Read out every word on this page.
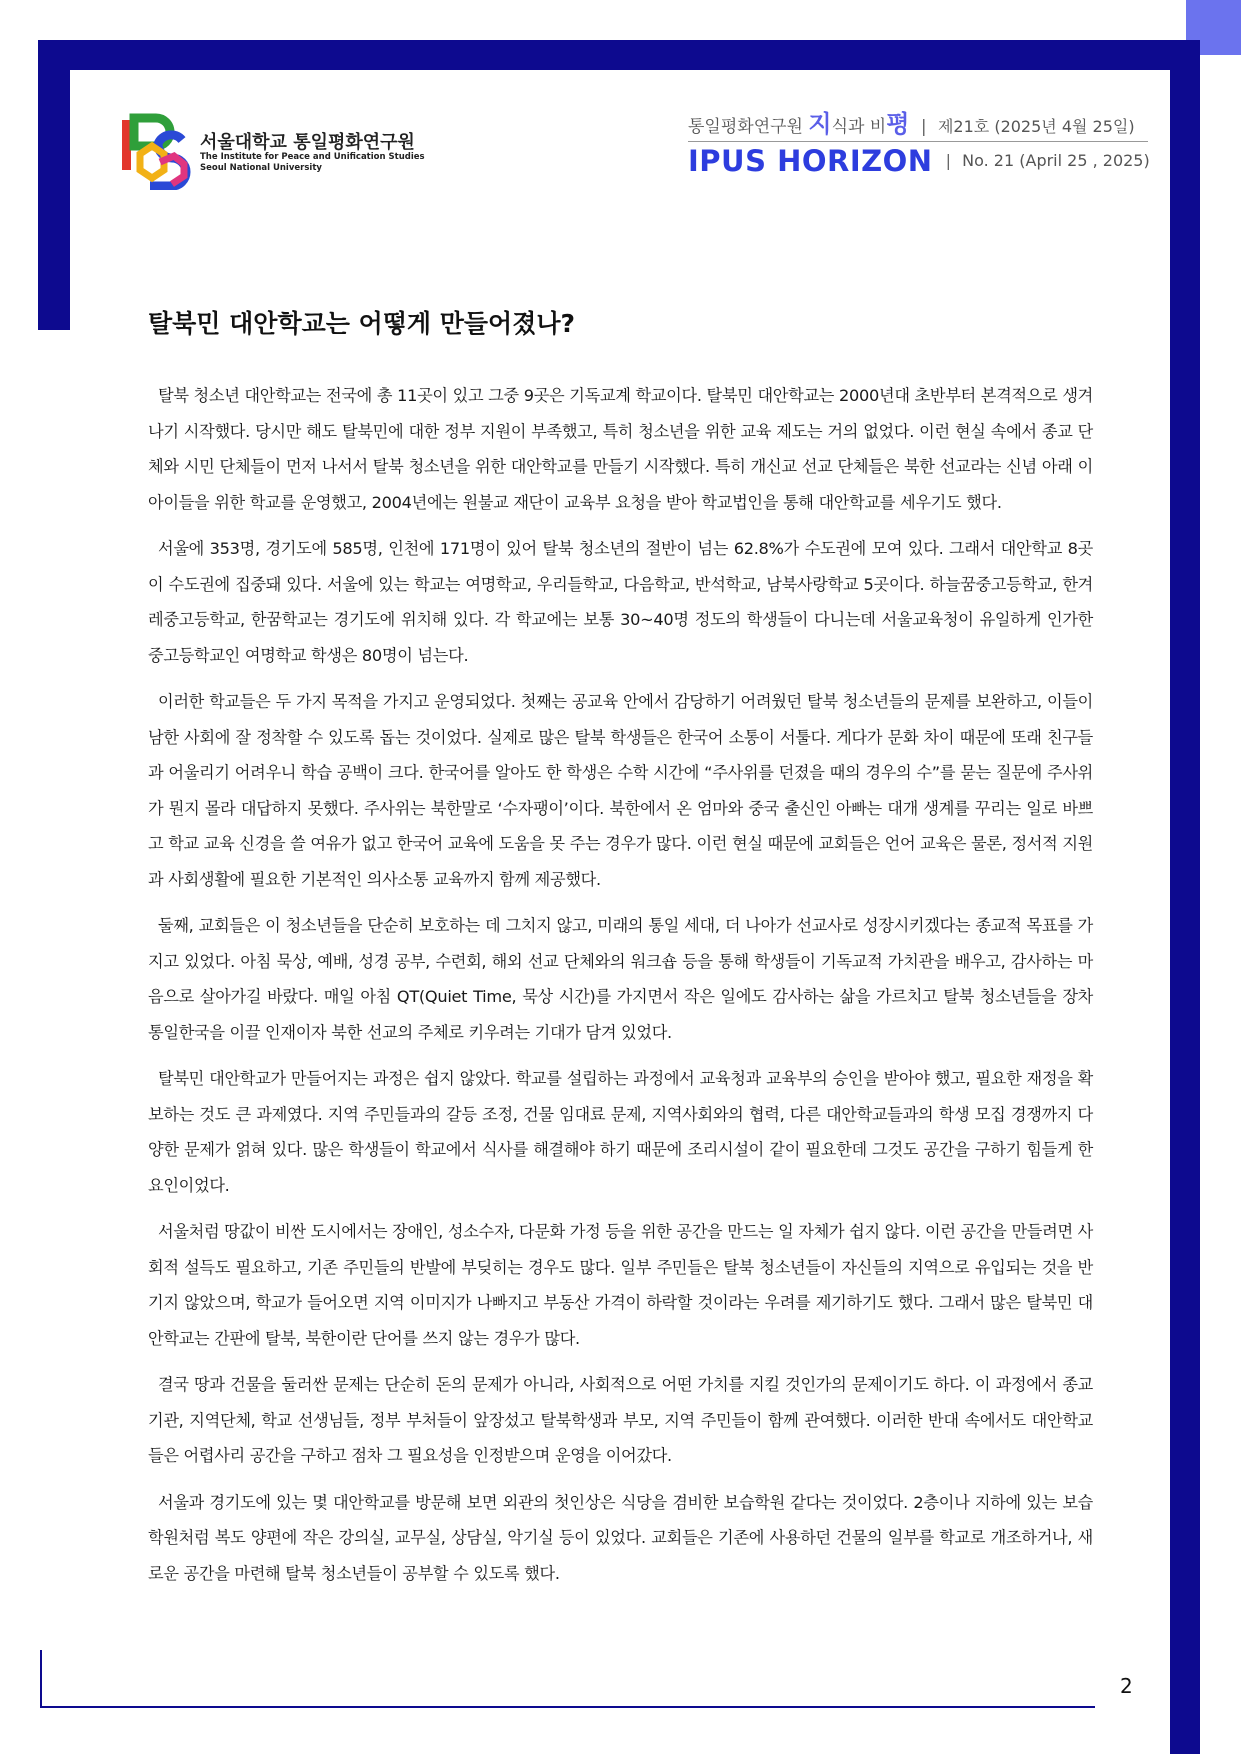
서울대학교 통일평화연구원
The Institute for Peace and Unification Studies
Seoul National University
통일평화연구원 지식과 비평 | 제21호 (2025년 4월 25일)
IPUS HORIZON | No. 21 (April 25 , 2025)
탈북민 대안학교는 어떻게 만들어졌나?

탈북 청소년 대안학교는 전국에 총 11곳이 있고 그중 9곳은 기독교계 학교이다. 탈북민 대안학교는 2000년대 초반부터 본격적으로 생겨나기 시작했다. 당시만 해도 탈북민에 대한 정부 지원이 부족했고, 특히 청소년을 위한 교육 제도는 거의 없었다. 이런 현실 속에서 종교 단체와 시민 단체들이 먼저 나서서 탈북 청소년을 위한 대안학교를 만들기 시작했다. 특히 개신교 선교 단체들은 북한 선교라는 신념 아래 이 아이들을 위한 학교를 운영했고, 2004년에는 원불교 재단이 교육부 요청을 받아 학교법인을 통해 대안학교를 세우기도 했다.

서울에 353명, 경기도에 585명, 인천에 171명이 있어 탈북 청소년의 절반이 넘는 62.8%가 수도권에 모여 있다. 그래서 대안학교 8곳이 수도권에 집중돼 있다. 서울에 있는 학교는 여명학교, 우리들학교, 다음학교, 반석학교, 남북사랑학교 5곳이다. 하늘꿈중고등학교, 한겨레중고등학교, 한꿈학교는 경기도에 위치해 있다. 각 학교에는 보통 30~40명 정도의 학생들이 다니는데 서울교육청이 유일하게 인가한 중고등학교인 여명학교 학생은 80명이 넘는다.

이러한 학교들은 두 가지 목적을 가지고 운영되었다. 첫째는 공교육 안에서 감당하기 어려웠던 탈북 청소년들의 문제를 보완하고, 이들이 남한 사회에 잘 정착할 수 있도록 돕는 것이었다. 실제로 많은 탈북 학생들은 한국어 소통이 서툴다. 게다가 문화 차이 때문에 또래 친구들과 어울리기 어려우니 학습 공백이 크다. 한국어를 알아도 한 학생은 수학 시간에 “주사위를 던졌을 때의 경우의 수”를 묻는 질문에 주사위가 뭔지 몰라 대답하지 못했다. 주사위는 북한말로 ‘수자팽이’이다. 북한에서 온 엄마와 중국 출신인 아빠는 대개 생계를 꾸리는 일로 바쁘고 학교 교육 신경을 쓸 여유가 없고 한국어 교육에 도움을 못 주는 경우가 많다. 이런 현실 때문에 교회들은 언어 교육은 물론, 정서적 지원과 사회생활에 필요한 기본적인 의사소통 교육까지 함께 제공했다.

둘째, 교회들은 이 청소년들을 단순히 보호하는 데 그치지 않고, 미래의 통일 세대, 더 나아가 선교사로 성장시키겠다는 종교적 목표를 가지고 있었다. 아침 묵상, 예배, 성경 공부, 수련회, 해외 선교 단체와의 워크숍 등을 통해 학생들이 기독교적 가치관을 배우고, 감사하는 마음으로 살아가길 바랐다. 매일 아침 QT(Quiet Time, 묵상 시간)를 가지면서 작은 일에도 감사하는 삶을 가르치고 탈북 청소년들을 장차 통일한국을 이끌 인재이자 북한 선교의 주체로 키우려는 기대가 담겨 있었다.

탈북민 대안학교가 만들어지는 과정은 쉽지 않았다. 학교를 설립하는 과정에서 교육청과 교육부의 승인을 받아야 했고, 필요한 재정을 확보하는 것도 큰 과제였다. 지역 주민들과의 갈등 조정, 건물 임대료 문제, 지역사회와의 협력, 다른 대안학교들과의 학생 모집 경쟁까지 다양한 문제가 얽혀 있다. 많은 학생들이 학교에서 식사를 해결해야 하기 때문에 조리시설이 같이 필요한데 그것도 공간을 구하기 힘들게 한 요인이었다.

서울처럼 땅값이 비싼 도시에서는 장애인, 성소수자, 다문화 가정 등을 위한 공간을 만드는 일 자체가 쉽지 않다. 이런 공간을 만들려면 사회적 설득도 필요하고, 기존 주민들의 반발에 부딪히는 경우도 많다. 일부 주민들은 탈북 청소년들이 자신들의 지역으로 유입되는 것을 반기지 않았으며, 학교가 들어오면 지역 이미지가 나빠지고 부동산 가격이 하락할 것이라는 우려를 제기하기도 했다. 그래서 많은 탈북민 대안학교는 간판에 탈북, 북한이란 단어를 쓰지 않는 경우가 많다.

결국 땅과 건물을 둘러싼 문제는 단순히 돈의 문제가 아니라, 사회적으로 어떤 가치를 지킬 것인가의 문제이기도 하다. 이 과정에서 종교기관, 지역단체, 학교 선생님들, 정부 부처들이 앞장섰고 탈북학생과 부모, 지역 주민들이 함께 관여했다. 이러한 반대 속에서도 대안학교들은 어렵사리 공간을 구하고 점차 그 필요성을 인정받으며 운영을 이어갔다.

서울과 경기도에 있는 몇 대안학교를 방문해 보면 외관의 첫인상은 식당을 겸비한 보습학원 같다는 것이었다. 2층이나 지하에 있는 보습학원처럼 복도 양편에 작은 강의실, 교무실, 상담실, 악기실 등이 있었다. 교회들은 기존에 사용하던 건물의 일부를 학교로 개조하거나, 새로운 공간을 마련해 탈북 청소년들이 공부할 수 있도록 했다.

2
